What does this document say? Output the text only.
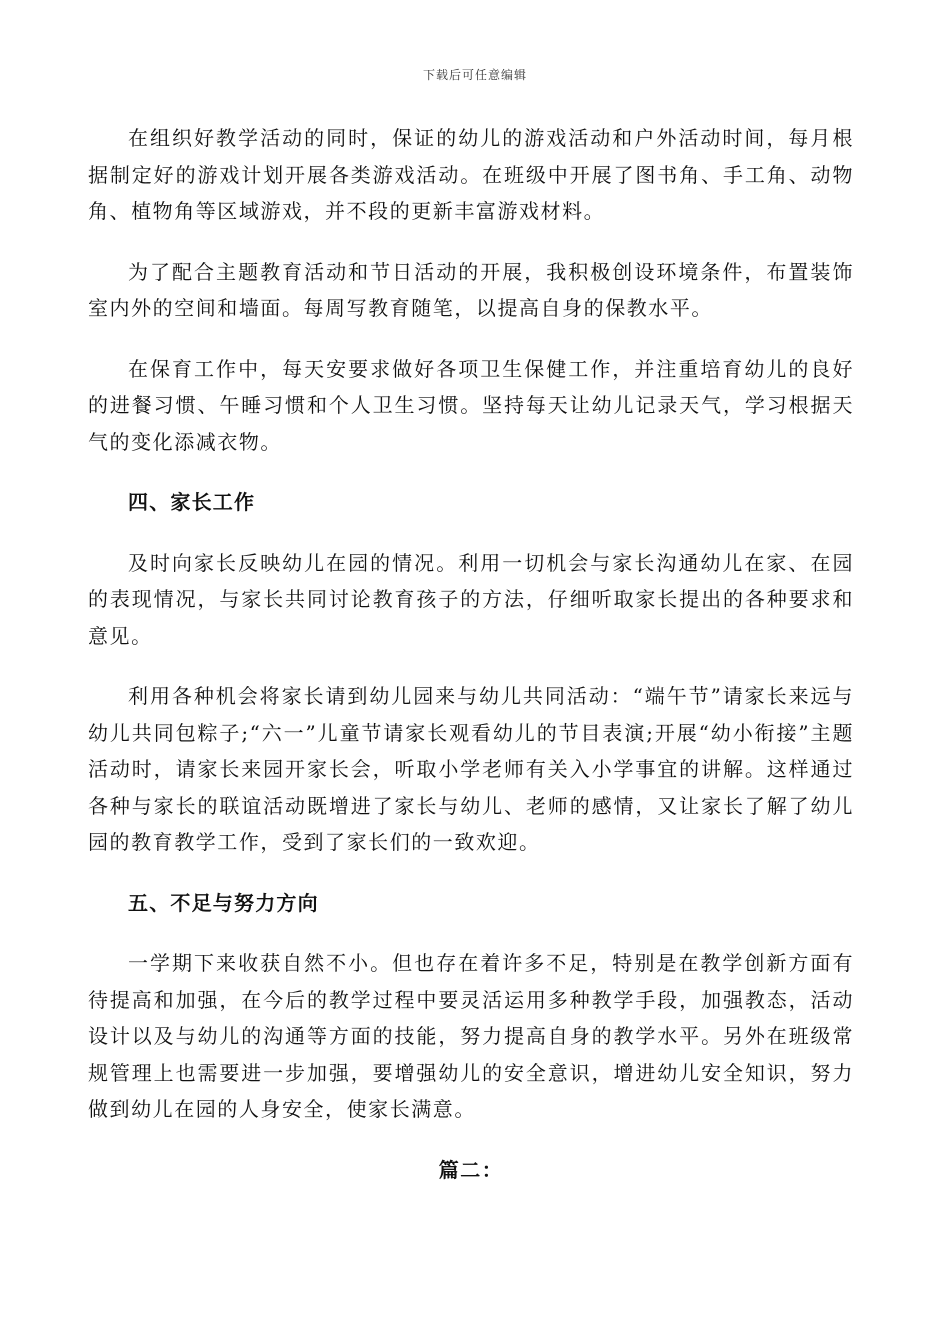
下载后可任意编辑

在组织好教学活动的同时，保证的幼儿的游戏活动和户外活动时间，每月根据制定好的游戏计划开展各类游戏活动。在班级中开展了图书角、手工角、动物角、植物角等区域游戏，并不段的更新丰富游戏材料。

为了配合主题教育活动和节日活动的开展，我积极创设环境条件，布置装饰室内外的空间和墙面。每周写教育随笔，以提高自身的保教水平。

在保育工作中，每天安要求做好各项卫生保健工作，并注重培育幼儿的良好的进餐习惯、午睡习惯和个人卫生习惯。坚持每天让幼儿记录天气，学习根据天气的变化添减衣物。

四、家长工作

及时向家长反映幼儿在园的情况。利用一切机会与家长沟通幼儿在家、在园的表现情况，与家长共同讨论教育孩子的方法，仔细听取家长提出的各种要求和意见。

利用各种机会将家长请到幼儿园来与幼儿共同活动：“端午节”请家长来远与幼儿共同包粽子;“六一”儿童节请家长观看幼儿的节目表演;开展“幼小衔接”主题活动时，请家长来园开家长会，听取小学老师有关入小学事宜的讲解。这样通过各种与家长的联谊活动既增进了家长与幼儿、老师的感情，又让家长了解了幼儿园的教育教学工作，受到了家长们的一致欢迎。

五、不足与努力方向

一学期下来收获自然不小。但也存在着许多不足，特别是在教学创新方面有待提高和加强，在今后的教学过程中要灵活运用多种教学手段，加强教态，活动设计以及与幼儿的沟通等方面的技能，努力提高自身的教学水平。另外在班级常规管理上也需要进一步加强，要增强幼儿的安全意识，增进幼儿安全知识，努力做到幼儿在园的人身安全，使家长满意。

篇二：
